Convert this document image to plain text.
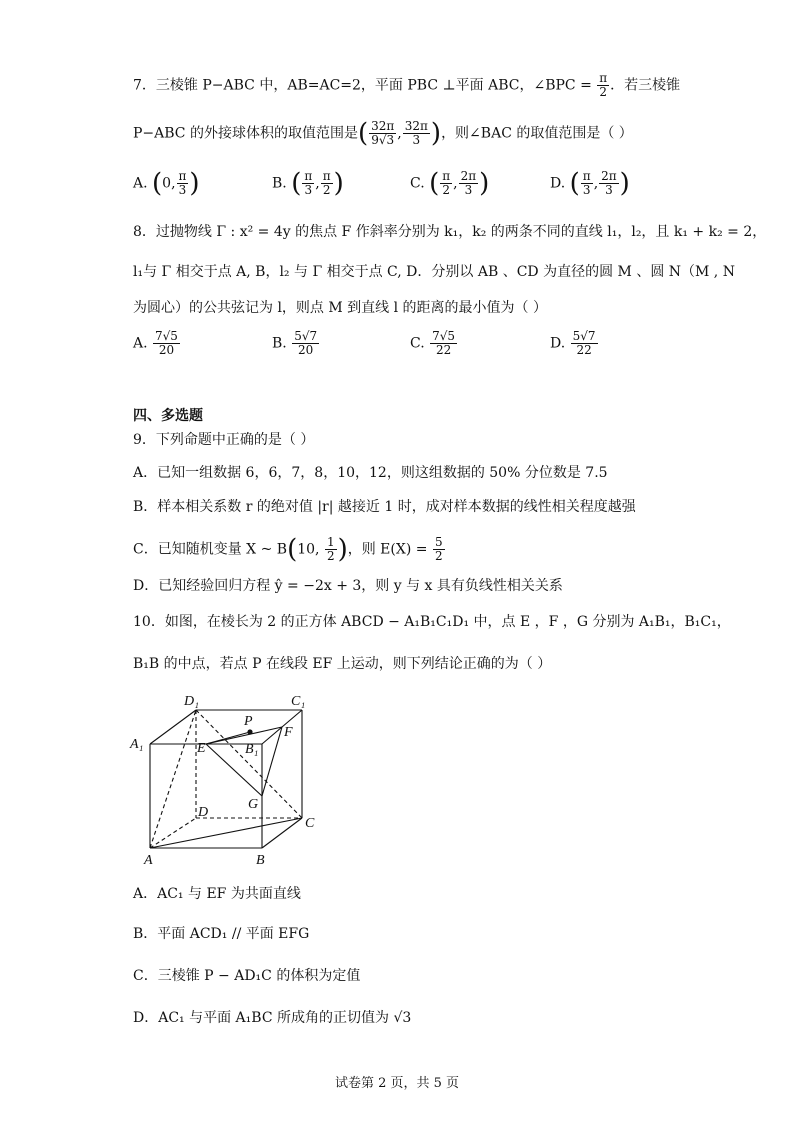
7．三棱锥 P−ABC 中，AB=AC=2，平面 PBC ⊥平面 ABC，∠BPC = $\frac{\pi}{2}$ ．若三棱锥
P−ABC 的外接球体积的取值范围是( $\frac{32\pi}{9√3}$ , $\frac{32\pi}{3}$ )，则∠BAC 的取值范围是（ ）
A. (0, $\frac{\pi}{3}$ )	B. ( $\frac{\pi}{3}$ , $\frac{\pi}{2}$ )	C. ( $\frac{\pi}{2}$ , $\frac{2\pi}{3}$ )	D. ( $\frac{\pi}{3}$ , $\frac{2\pi}{3}$ )
8．过抛物线 Γ : x² = 4y 的焦点 F 作斜率分别为 k₁，k₂ 的两条不同的直线 l₁，l₂，且 k₁ + k₂ = 2，
l₁与 Γ 相交于点 A, B，l₂ 与 Γ 相交于点 C, D．分别以 AB 、CD 为直径的圆 M 、圆 N（M , N
为圆心）的公共弦记为 l，则点 M 到直线 l 的距离的最小值为（ ）
A. $\frac{7√5}{20}$	B. $\frac{5√7}{20}$	C. $\frac{7√5}{22}$	D. $\frac{5√7}{22}$
四、多选题
9．下列命题中正确的是（ ）
A．已知一组数据 6，6，7，8，10，12，则这组数据的 50% 分位数是 7.5
B．样本相关系数 r 的绝对值 |r| 越接近 1 时，成对样本数据的线性相关程度越强
C．已知随机变量 X ~ B(10, $\frac{1}{2}$ )，则 $E(X) = \frac{5}{2}$
D．已知经验回归方程 ŷ = −2x + 3，则 y 与 x 具有负线性相关关系
10．如图，在棱长为 2 的正方体 ABCD − A₁B₁C₁D₁ 中，点 E ，F ，G 分别为 A₁B₁，B₁C₁，
B₁B 的中点，若点 P 在线段 EF 上运动，则下列结论正确的为（ ）
D₁	C₁
A₁
P
E	B₁
F
G
D
C
A	B
A．AC₁ 与 EF 为共面直线
B．平面 ACD₁ // 平面 EFG
C．三棱锥 P − AD₁C 的体积为定值
D．AC₁ 与平面 A₁BC 所成角的正切值为 √3
试卷第 2 页，共 5 页
